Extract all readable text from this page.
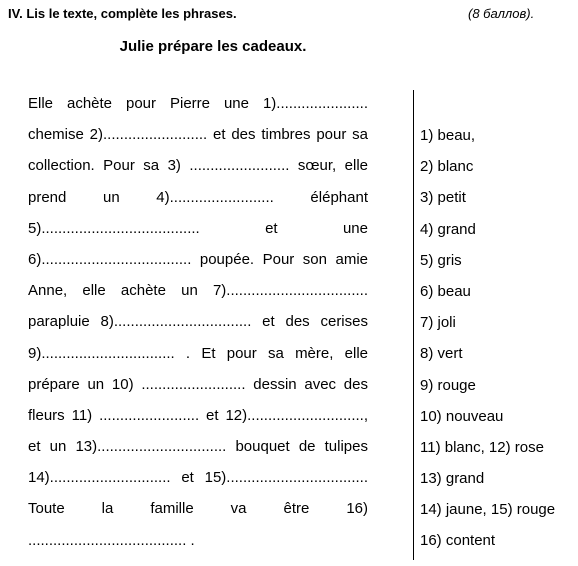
IV. Lis le texte, complète les phrases.	(8 баллов).
Julie prépare les cadeaux.
Elle achète pour Pierre une 1)......................
chemise 2)......................... et des timbres pour sa
collection. Pour sa 3) ........................ sœur, elle
prend un 4)......................... éléphant
5)...................................... et une
6).................................... poupée. Pour son amie
Anne, elle achète un 7)..................................
parapluie 8)................................. et des cerises
9)................................ . Et pour sa mère, elle
prépare un 10) ......................... dessin avec des
fleurs 11) ........................ et 12)............................,
et un 13)............................... bouquet de tulipes
14)............................. et 15)..................................
Toute la famille va être 16)
...................................... .
1) beau,
2) blanc
3) petit
4) grand
5) gris
6) beau
7) joli
8) vert
9) rouge
10) nouveau
11) blanc, 12) rose
13) grand
14) jaune, 15) rouge
16) content
